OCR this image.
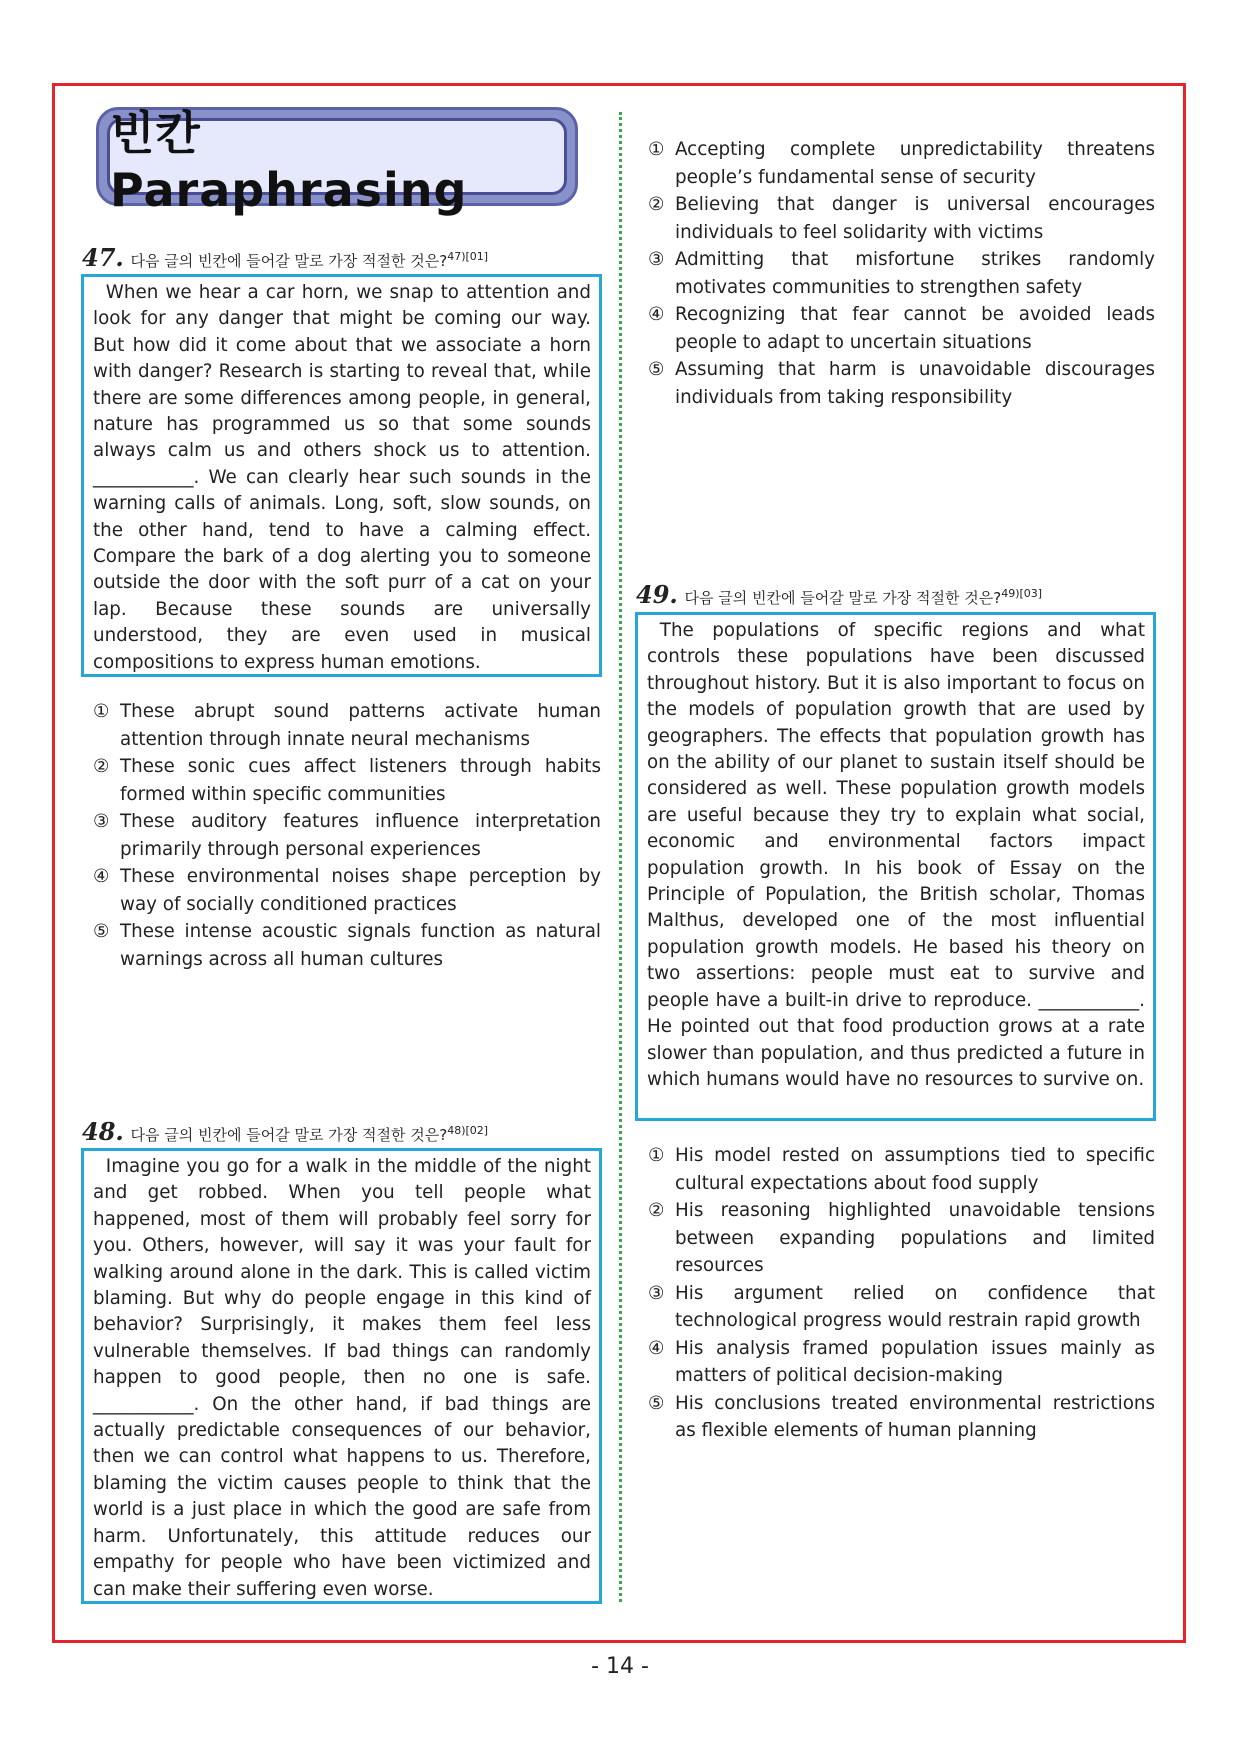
빈칸 Paraphrasing
47. 다음 글의 빈칸에 들어갈 말로 가장 적절한 것은?$^{47)[01]}$
When we hear a car horn, we snap to attention and look for any danger that might be coming our way. But how did it come about that we associate a horn with danger? Research is starting to reveal that, while there are some differences among people, in general, nature has programmed us so that some sounds always calm us and others shock us to attention. ___________. We can clearly hear such sounds in the warning calls of animals. Long, soft, slow sounds, on the other hand, tend to have a calming effect. Compare the bark of a dog alerting you to someone outside the door with the soft purr of a cat on your lap. Because these sounds are universally understood, they are even used in musical compositions to express human emotions.
① These abrupt sound patterns activate human attention through innate neural mechanisms
② These sonic cues affect listeners through habits formed within specific communities
③ These auditory features influence interpretation primarily through personal experiences
④ These environmental noises shape perception by way of socially conditioned practices
⑤ These intense acoustic signals function as natural warnings across all human cultures
48. 다음 글의 빈칸에 들어갈 말로 가장 적절한 것은?$^{48)[02]}$
Imagine you go for a walk in the middle of the night and get robbed. When you tell people what happened, most of them will probably feel sorry for you. Others, however, will say it was your fault for walking around alone in the dark. This is called victim blaming. But why do people engage in this kind of behavior? Surprisingly, it makes them feel less vulnerable themselves. If bad things can randomly happen to good people, then no one is safe. ___________. On the other hand, if bad things are actually predictable consequences of our behavior, then we can control what happens to us. Therefore, blaming the victim causes people to think that the world is a just place in which the good are safe from harm. Unfortunately, this attitude reduces our empathy for people who have been victimized and can make their suffering even worse.
① Accepting complete unpredictability threatens people’s fundamental sense of security
② Believing that danger is universal encourages individuals to feel solidarity with victims
③ Admitting that misfortune strikes randomly motivates communities to strengthen safety
④ Recognizing that fear cannot be avoided leads people to adapt to uncertain situations
⑤ Assuming that harm is unavoidable discourages individuals from taking responsibility
49. 다음 글의 빈칸에 들어갈 말로 가장 적절한 것은?$^{49)[03]}$
The populations of specific regions and what controls these populations have been discussed throughout history. But it is also important to focus on the models of population growth that are used by geographers. The effects that population growth has on the ability of our planet to sustain itself should be considered as well. These population growth models are useful because they try to explain what social, economic and environmental factors impact population growth. In his book of Essay on the Principle of Population, the British scholar, Thomas Malthus, developed one of the most influential population growth models. He based his theory on two assertions: people must eat to survive and people have a built-in drive to reproduce. ___________. He pointed out that food production grows at a rate slower than population, and thus predicted a future in which humans would have no resources to survive on.
① His model rested on assumptions tied to specific cultural expectations about food supply
② His reasoning highlighted unavoidable tensions between expanding populations and limited resources
③ His argument relied on confidence that technological progress would restrain rapid growth
④ His analysis framed population issues mainly as matters of political decision-making
⑤ His conclusions treated environmental restrictions as flexible elements of human planning
- 14 -
